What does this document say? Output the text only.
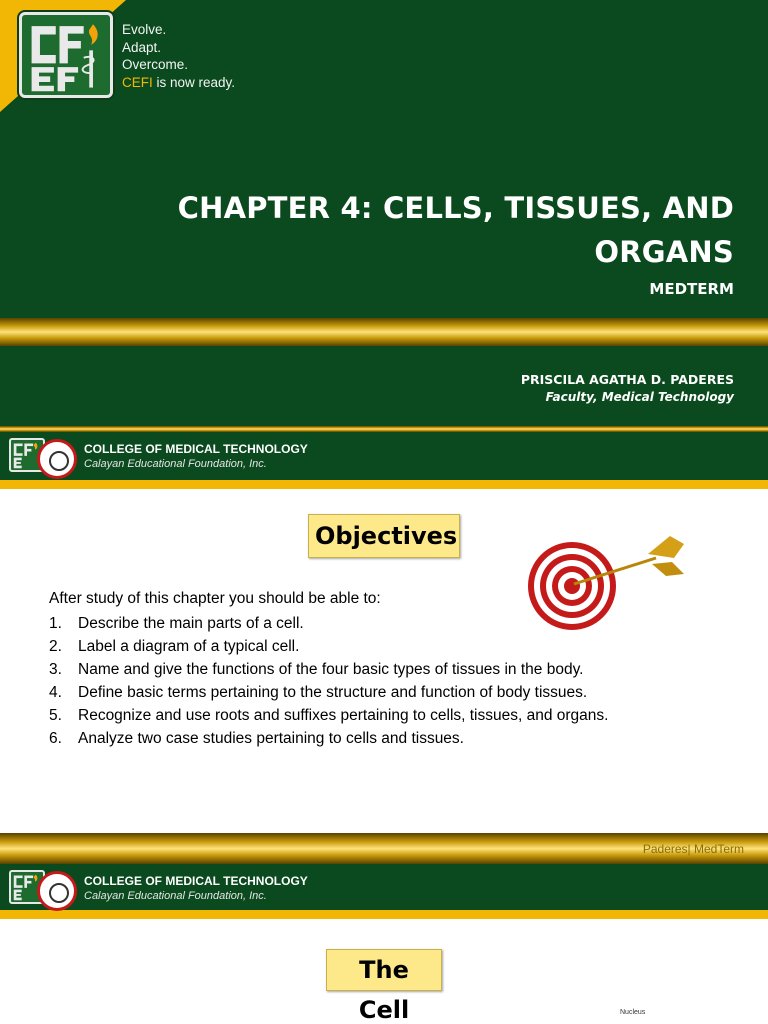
Evolve.
Adapt.
Overcome.
CEFI is now ready.
CHAPTER 4: CELLS, TISSUES, AND
ORGANS
MEDTERM
PRISCILA AGATHA D. PADERES
Faculty, Medical Technology
COLLEGE OF MEDICAL TECHNOLOGY
Calayan Educational Foundation, Inc.
Objectives
After study of this chapter you should be able to:
1. Describe the main parts of a cell.
2. Label a diagram of a typical cell.
3. Name and give the functions of the four basic types of tissues in the body.
4. Define basic terms pertaining to the structure and function of body tissues.
5. Recognize and use roots and suffixes pertaining to cells, tissues, and organs.
6. Analyze two case studies pertaining to cells and tissues.
Paderes| MedTerm
COLLEGE OF MEDICAL TECHNOLOGY
Calayan Educational Foundation, Inc.
The Cell	Nucleus
